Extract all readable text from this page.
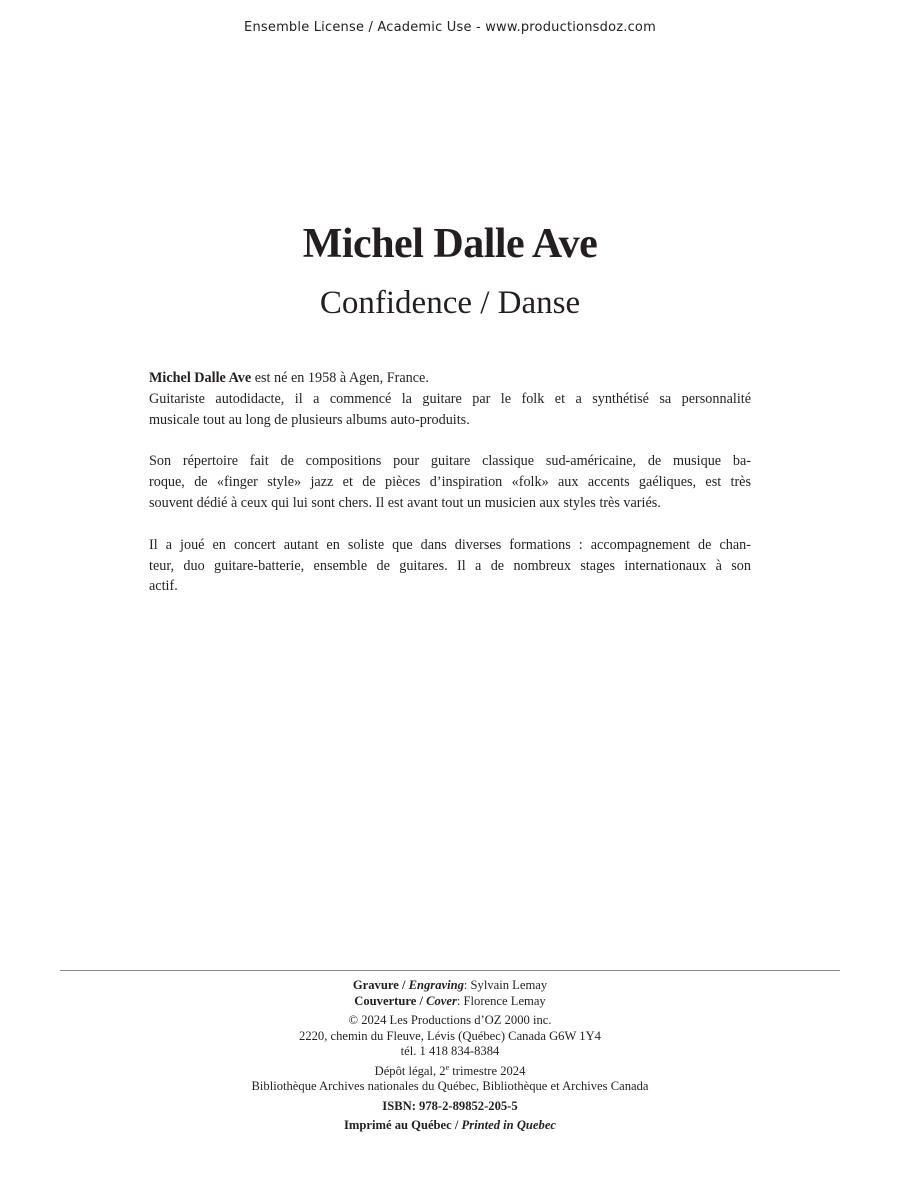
Ensemble License / Academic Use - www.productionsdoz.com
Michel Dalle Ave
Confidence / Danse

Michel Dalle Ave est né en 1958 à Agen, France.
Guitariste autodidacte, il a commencé la guitare par le folk et a synthétisé sa personnalité
musicale tout au long de plusieurs albums auto-produits.

Son répertoire fait de compositions pour guitare classique sud-américaine, de musique ba-
roque, de «finger style» jazz et de pièces d’inspiration «folk» aux accents gaéliques, est très
souvent dédié à ceux qui lui sont chers. Il est avant tout un musicien aux styles très variés.

Il a joué en concert autant en soliste que dans diverses formations : accompagnement de chan-
teur, duo guitare-batterie, ensemble de guitares. Il a de nombreux stages internationaux à son
actif.

Gravure / Engraving: Sylvain Lemay
Couverture / Cover: Florence Lemay
© 2024 Les Productions d’OZ 2000 inc.
2220, chemin du Fleuve, Lévis (Québec) Canada G6W 1Y4
tél. 1 418 834-8384
Dépôt légal, 2e trimestre 2024
Bibliothèque Archives nationales du Québec, Bibliothèque et Archives Canada
ISBN: 978-2-89852-205-5
Imprimé au Québec / Printed in Quebec
